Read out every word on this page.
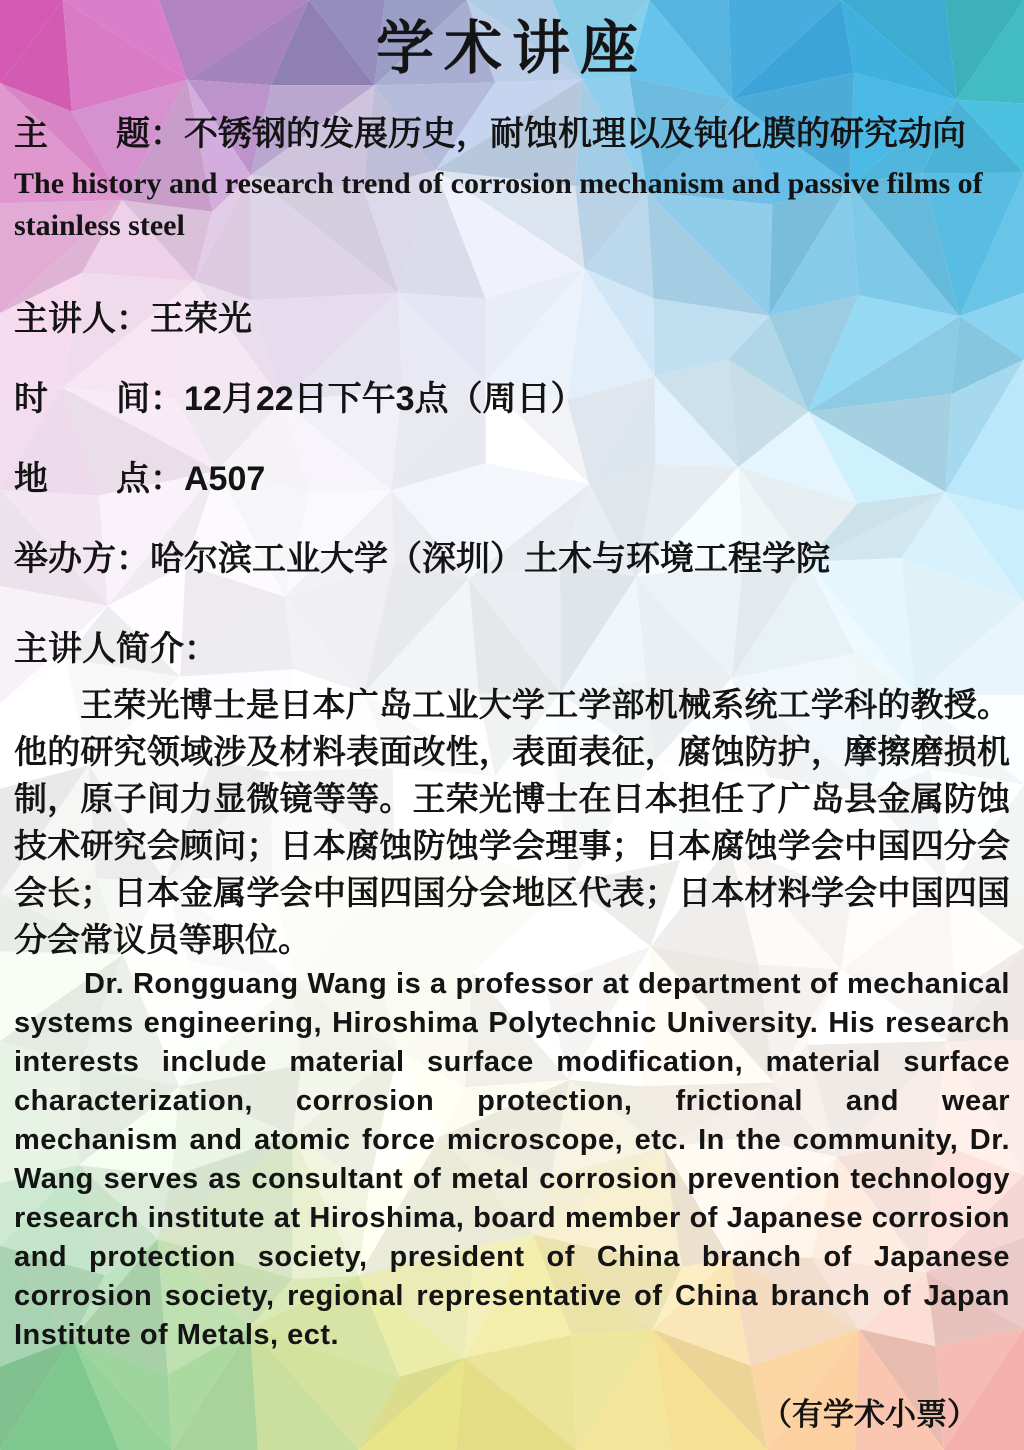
学术讲座

主　　题：不锈钢的发展历史，耐蚀机理以及钝化膜的研究动向

The history and research trend of corrosion mechanism and passive films of stainless steel

主讲人：王荣光

时　　间：12月22日下午3点（周日）

地　　点：A507

举办方：哈尔滨工业大学（深圳）土木与环境工程学院

主讲人简介：

王荣光博士是日本广岛工业大学工学部机械系统工学科的教授。他的研究领域涉及材料表面改性，表面表征，腐蚀防护，摩擦磨损机制，原子间力显微镜等等。王荣光博士在日本担任了广岛县金属防蚀技术研究会顾问；日本腐蚀防蚀学会理事；日本腐蚀学会中国四分会会长；日本金属学会中国四国分会地区代表；日本材料学会中国四国分会常议员等职位。

Dr. Rongguang Wang is a professor at department of mechanical systems engineering, Hiroshima Polytechnic University. His research interests include material surface modification, material surface characterization, corrosion protection, frictional and wear mechanism and atomic force microscope, etc. In the community, Dr. Wang serves as consultant of metal corrosion prevention technology research institute at Hiroshima, board member of Japanese corrosion and protection society, president of China branch of Japanese corrosion society, regional representative of China branch of Japan Institute of Metals, ect.

（有学术小票）
